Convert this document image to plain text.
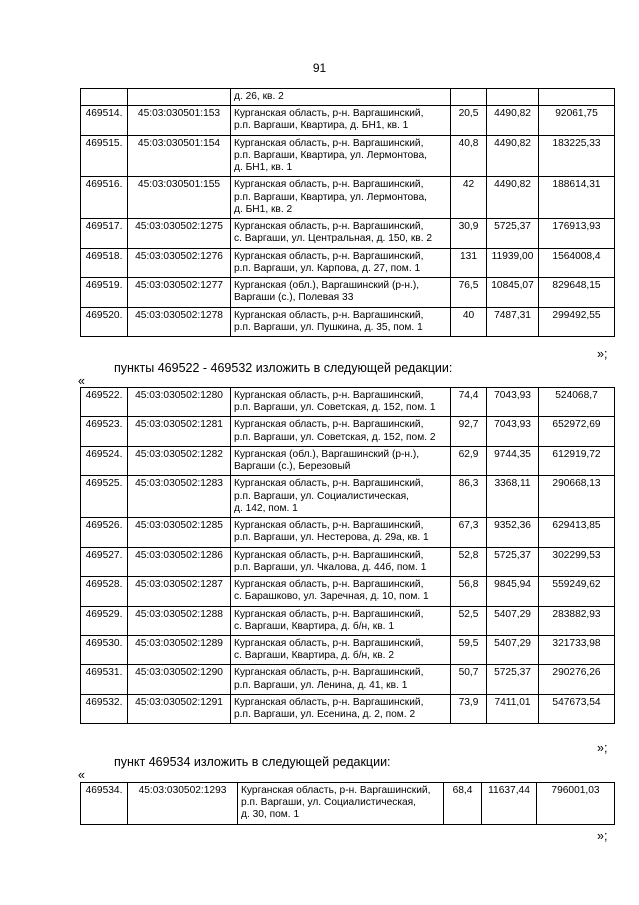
91

		д. 26, кв. 2			

469514.	45:03:030501:153	Курганская область, р-н. Варгашинский,
р.п. Варгаши, Квартира, д. БН1, кв. 1	20,5	4490,82	92061,75
469515.	45:03:030501:154	Курганская область, р-н. Варгашинский,
р.п. Варгаши, Квартира, ул. Лермонтова,
д. БН1, кв. 1	40,8	4490,82	183225,33
469516.	45:03:030501:155	Курганская область, р-н. Варгашинский,
р.п. Варгаши, Квартира, ул. Лермонтова,
д. БН1, кв. 2	42	4490,82	188614,31
469517.	45:03:030502:1275	Курганская область, р-н. Варгашинский,
с. Варгаши, ул. Центральная, д. 150, кв. 2	30,9	5725,37	176913,93
469518.	45:03:030502:1276	Курганская область, р-н. Варгашинский,
р.п. Варгаши, ул. Карпова, д. 27, пом. 1	131	11939,00	1564008,4
469519.	45:03:030502:1277	Курганская (обл.), Варгашинский (р-н.),
Варгаши (с.), Полевая 33	76,5	10845,07	829648,15
469520.	45:03:030502:1278	Курганская область, р-н. Варгашинский,
р.п. Варгаши, ул. Пушкина, д. 35, пом. 1	40	7487,31	299492,55
»;
пункты 469522 - 469532 изложить в следующей редакции:
«
469522.	45:03:030502:1280	Курганская область, р-н. Варгашинский,
р.п. Варгаши, ул. Советская, д. 152, пом. 1	74,4	7043,93	524068,7
469523.	45:03:030502:1281	Курганская область, р-н. Варгашинский,
р.п. Варгаши, ул. Советская, д. 152, пом. 2	92,7	7043,93	652972,69
469524.	45:03:030502:1282	Курганская (обл.), Варгашинский (р-н.),
Варгаши (с.), Березовый	62,9	9744,35	612919,72
469525.	45:03:030502:1283	Курганская область, р-н. Варгашинский,
р.п. Варгаши, ул. Социалистическая,
д. 142, пом. 1	86,3	3368,11	290668,13
469526.	45:03:030502:1285	Курганская область, р-н. Варгашинский,
р.п. Варгаши, ул. Нестерова, д. 29а, кв. 1	67,3	9352,36	629413,85
469527.	45:03:030502:1286	Курганская область, р-н. Варгашинский,
р.п. Варгаши, ул. Чкалова, д. 44б, пом. 1	52,8	5725,37	302299,53
469528.	45:03:030502:1287	Курганская область, р-н. Варгашинский,
с. Барашково, ул. Заречная, д. 10, пом. 1	56,8	9845,94	559249,62
469529.	45:03:030502:1288	Курганская область, р-н. Варгашинский,
с. Варгаши, Квартира, д. б/н, кв. 1	52,5	5407,29	283882,93
469530.	45:03:030502:1289	Курганская область, р-н. Варгашинский,
с. Варгаши, Квартира, д. б/н, кв. 2	59,5	5407,29	321733,98
469531.	45:03:030502:1290	Курганская область, р-н. Варгашинский,
р.п. Варгаши, ул. Ленина, д. 41, кв. 1	50,7	5725,37	290276,26
469532.	45:03:030502:1291	Курганская область, р-н. Варгашинский,
р.п. Варгаши, ул. Есенина, д. 2, пом. 2	73,9	7411,01	547673,54
»;
пункт 469534 изложить в следующей редакции:
«
469534.	45:03:030502:1293	Курганская область, р-н. Варгашинский,
р.п. Варгаши, ул. Социалистическая,
д. 30, пом. 1
	68,4	11637,44	796001,03
»;
